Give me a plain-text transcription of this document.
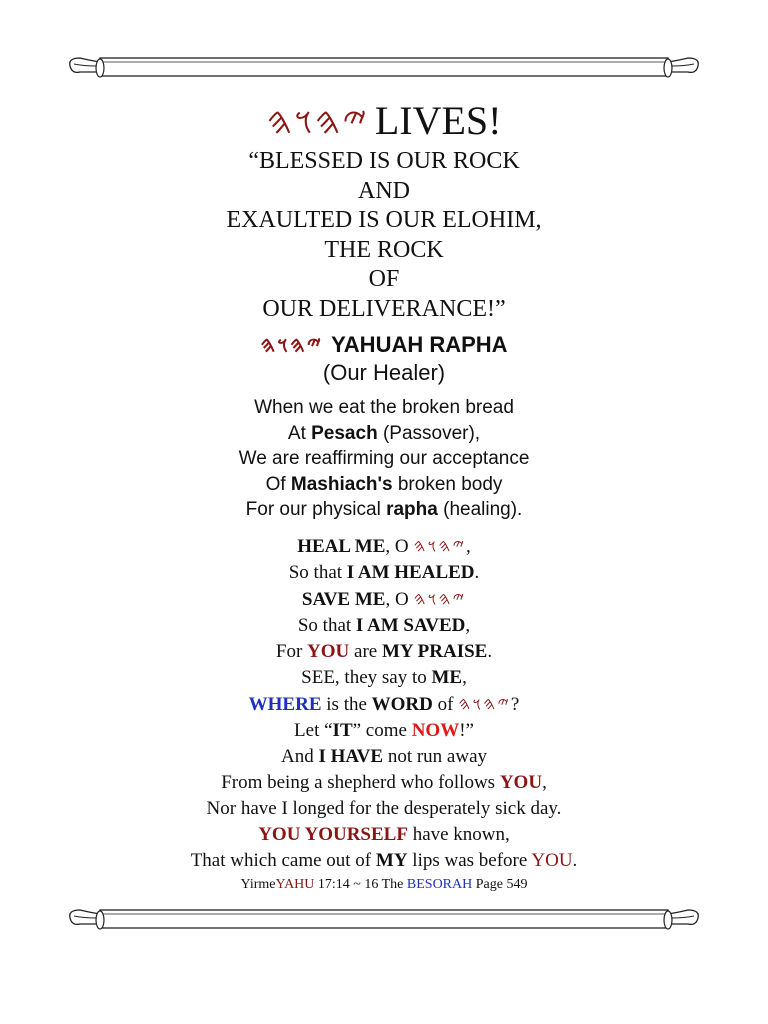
𐤉𐤄𐤅𐤄 LIVES!
“BLESSED IS OUR ROCK
AND
EXAULTED IS OUR ELOHIM,
THE ROCK
OF
OUR DELIVERANCE!”
𐤉𐤄𐤅𐤄 YAHUAH RAPHA
(Our Healer)
When we eat the broken bread
At Pesach (Passover),
We are reaffirming our acceptance
Of Mashiach's broken body
For our physical rapha (healing).
HEAL ME, O 𐤉𐤄𐤅𐤄,
So that I AM HEALED.
SAVE ME, O 𐤉𐤄𐤅𐤄
So that I AM SAVED,
For YOU are MY PRAISE.
SEE, they say to ME,
WHERE is the WORD of 𐤉𐤄𐤅𐤄?
Let “IT” come NOW!”
And I HAVE not run away
From being a shepherd who follows YOU,
Nor have I longed for the desperately sick day.
YOU YOURSELF have known,
That which came out of MY lips was before YOU.
YirmeYAHU 17:14 ~ 16 The BESORAH Page 549
